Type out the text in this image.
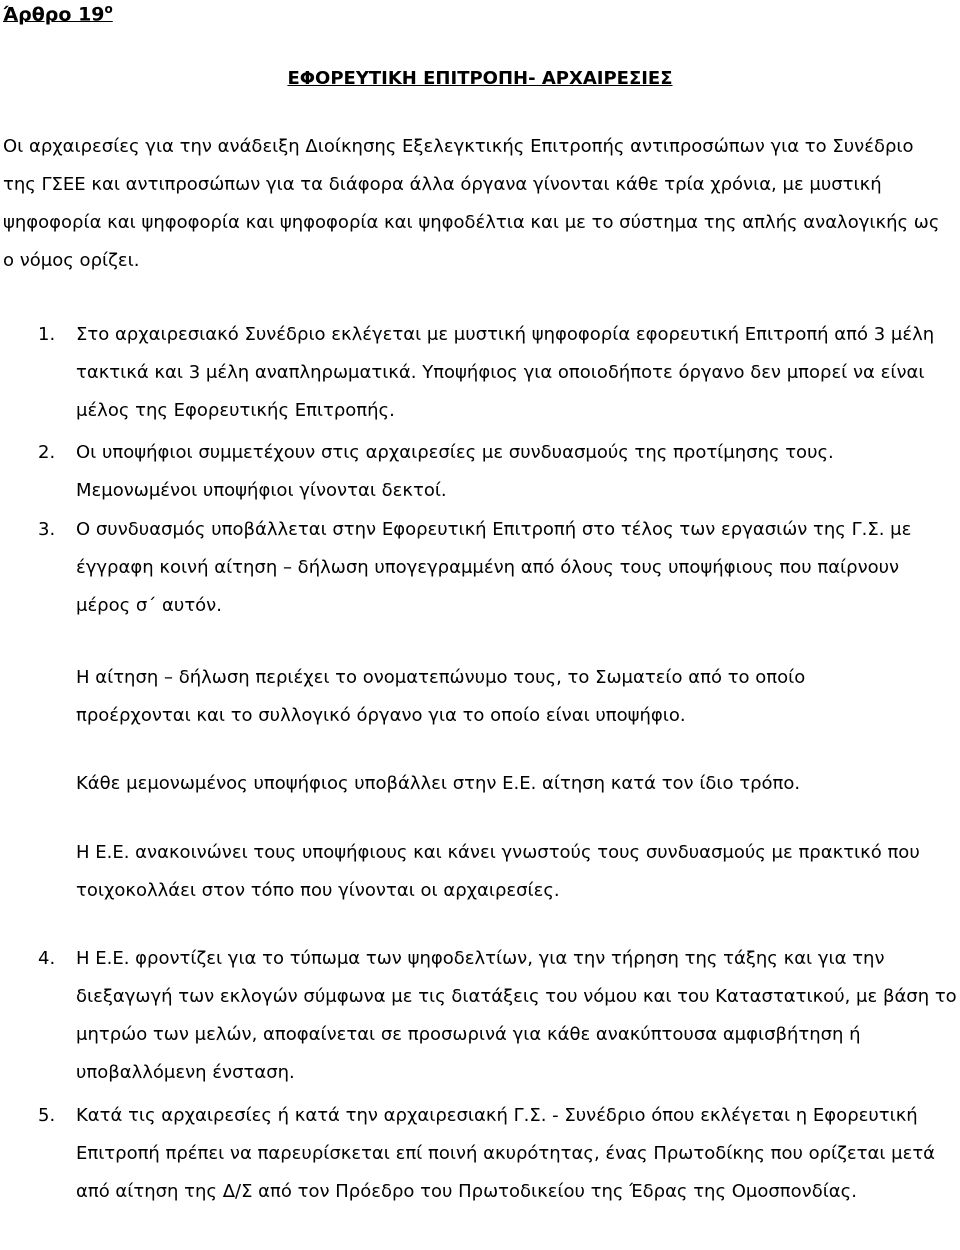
Άρθρο $19^o$
ΕΦΟΡΕΥΤΙΚΗ ΕΠΙΤΡΟΠΗ- ΑΡΧΑΙΡΕΣΙΕΣ

Οι αρχαιρεσίες για την ανάδειξη Διοίκησης Εξελεγκτικής Επιτροπής αντιπροσώπων για το Συνέδριο της ΓΣΕΕ και αντιπροσώπων για τα διάφορα άλλα όργανα γίνονται κάθε τρία χρόνια, με μυστική ψηφοφορία και ψηφοφορία και ψηφοφορία και ψηφοδέλτια και με το σύστημα της απλής αναλογικής ως ο νόμος ορίζει.

1. Στο αρχαιρεσιακό Συνέδριο εκλέγεται με μυστική ψηφοφορία εφορευτική Επιτροπή από 3 μέλη τακτικά και 3 μέλη αναπληρωματικά. Υποψήφιος για οποιοδήποτε όργανο δεν μπορεί να είναι μέλος της Εφορευτικής Επιτροπής.
2. Οι υποψήφιοι συμμετέχουν στις αρχαιρεσίες με συνδυασμούς της προτίμησης τους. Μεμονωμένοι υποψήφιοι γίνονται δεκτοί.
3. Ο συνδυασμός υποβάλλεται στην Εφορευτική Επιτροπή στο τέλος των εργασιών της Γ.Σ. με έγγραφη κοινή αίτηση – δήλωση υπογεγραμμένη από όλους τους υποψήφιους που παίρνουν μέρος σ΄ αυτόν.

Η αίτηση – δήλωση περιέχει το ονοματεπώνυμο τους, το Σωματείο από το οποίο προέρχονται και το συλλογικό όργανο για το οποίο είναι υποψήφιο.

Κάθε μεμονωμένος υποψήφιος υποβάλλει στην Ε.Ε. αίτηση κατά τον ίδιο τρόπο.

Η Ε.Ε. ανακοινώνει τους υποψήφιους και κάνει γνωστούς τους συνδυασμούς με πρακτικό που τοιχοκολλάει στον τόπο που γίνονται οι αρχαιρεσίες.

4. Η Ε.Ε. φροντίζει για το τύπωμα των ψηφοδελτίων, για την τήρηση της τάξης και για την διεξαγωγή των εκλογών σύμφωνα με τις διατάξεις του νόμου και του Καταστατικού, με βάση το μητρώο των μελών, αποφαίνεται σε προσωρινά για κάθε ανακύπτουσα αμφισβήτηση ή υποβαλλόμενη ένσταση.
5. Κατά τις αρχαιρεσίες ή κατά την αρχαιρεσιακή Γ.Σ. - Συνέδριο όπου εκλέγεται η Εφορευτική Επιτροπή πρέπει να παρευρίσκεται επί ποινή ακυρότητας, ένας Πρωτοδίκης που ορίζεται μετά από αίτηση της Δ/Σ από τον Πρόεδρο του Πρωτοδικείου της Έδρας της Ομοσπονδίας.
